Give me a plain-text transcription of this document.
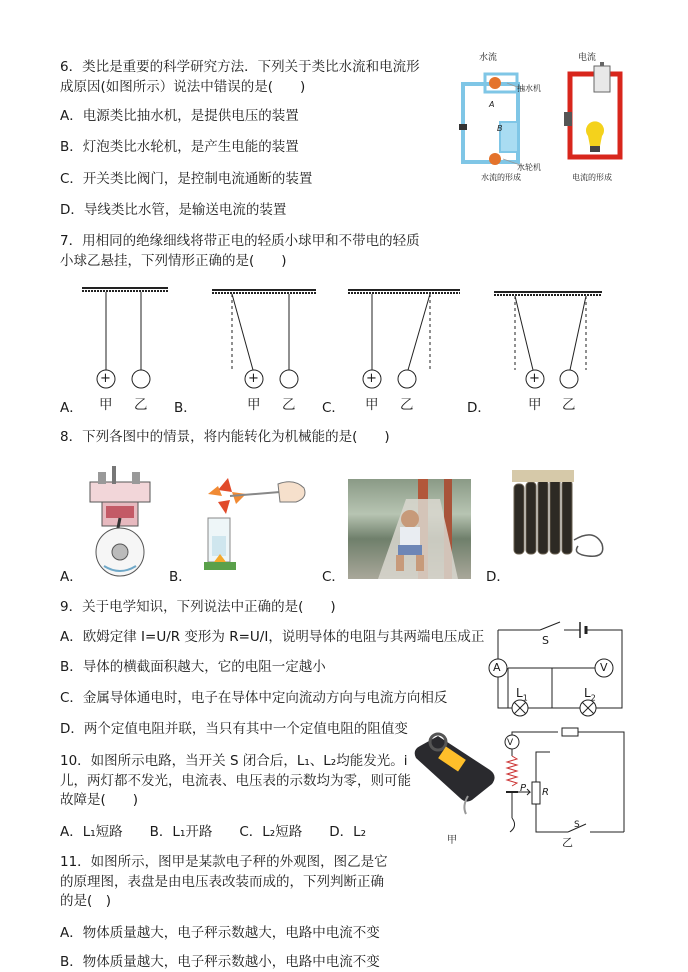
6．类比是重要的科学研究方法．下列关于类比水流和电流形
成原因(如图所示）说法中错误的是(　　)
A．电源类比抽水机，是提供电压的装置
B．灯泡类比水轮机，是产生电能的装置
C．开关类比阀门，是控制电流通断的装置
D．导线类比水管，是输送电流的装置
水流
抽水机
A
B
水轮机
水流的形成
电流
电流的形成
7．用相同的绝缘细线将带正电的轻质小球甲和不带电的轻质
小球乙悬挂，下列情形正确的是(　　)
+	+	+	+
A． 甲 乙 B．	甲 乙 C． 甲 乙	D．	甲 乙
8．下列各图中的情景，将内能转化为机械能的是(　　)
A．	B．	C．	D．
9．关于电学知识，下列说法中正确的是(　　)
A．欧姆定律 I=U/R 变形为 R=U/I，说明导体的电阻与其两端电压成正
B．导体的横截面积越大，它的电阻一定越小
C．金属导体通电时，电子在导体中定向流动方向与电流方向相反
D．两个定值电阻并联，当只有其中一个定值电阻的阻值变
S
A	V
$L_1$	$L_2$
10．如图所示电路，当开关 S 闭合后，L₁、L₂均能发光。i
儿，两灯都不发光，电流表、电压表的示数均为零，则可能
故障是(　　)
A．L₁短路　　B．L₁开路　　C．L₂短路　　D．L₂
V
P R
S
甲	乙
11．如图所示，图甲是某款电子秤的外观图，图乙是它
的原理图，表盘是由电压表改装而成的，下列判断正确
的是(　)
A．物体质量越大，电子秤示数越大，电路中电流不变
B．物体质量越大，电子秤示数越小，电路中电流不变
